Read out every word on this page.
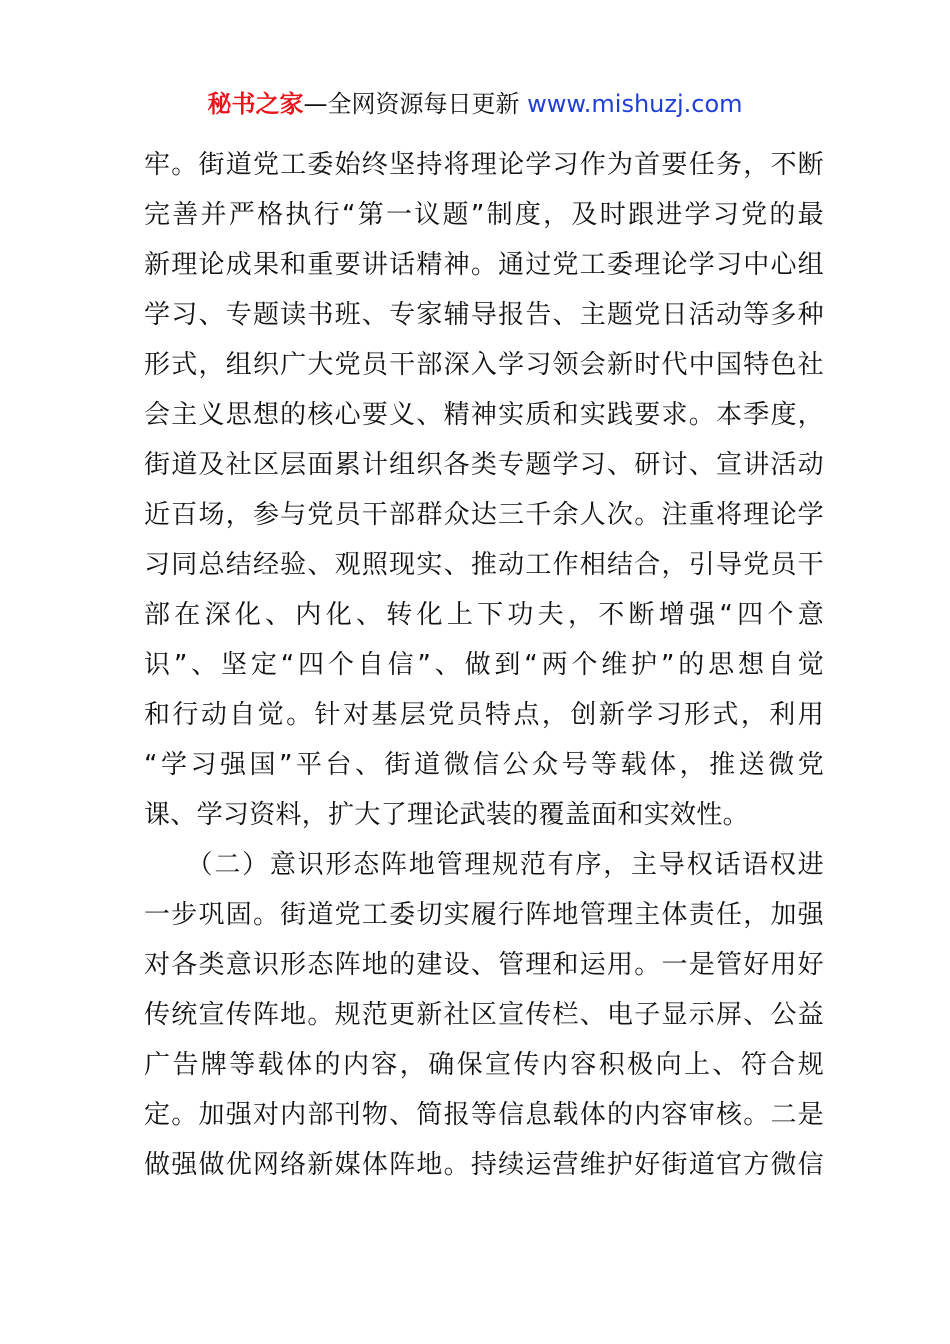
秘书之家—全网资源每日更新 www.mishuzj.com
牢。街道党工委始终坚持将理论学习作为首要任务，不断
完善并严格执行“第一议题”制度，及时跟进学习党的最
新理论成果和重要讲话精神。通过党工委理论学习中心组
学习、专题读书班、专家辅导报告、主题党日活动等多种
形式，组织广大党员干部深入学习领会新时代中国特色社
会主义思想的核心要义、精神实质和实践要求。本季度，
街道及社区层面累计组织各类专题学习、研讨、宣讲活动
近百场，参与党员干部群众达三千余人次。注重将理论学
习同总结经验、观照现实、推动工作相结合，引导党员干
部在深化、内化、转化上下功夫，不断增强“四个意
识”、坚定“四个自信”、做到“两个维护”的思想自觉
和行动自觉。针对基层党员特点，创新学习形式，利用
“学习强国”平台、街道微信公众号等载体，推送微党
课、学习资料，扩大了理论武装的覆盖面和实效性。
　　（二）意识形态阵地管理规范有序，主导权话语权进
一步巩固。街道党工委切实履行阵地管理主体责任，加强
对各类意识形态阵地的建设、管理和运用。一是管好用好
传统宣传阵地。规范更新社区宣传栏、电子显示屏、公益
广告牌等载体的内容，确保宣传内容积极向上、符合规
定。加强对内部刊物、简报等信息载体的内容审核。二是
做强做优网络新媒体阵地。持续运营维护好街道官方微信
